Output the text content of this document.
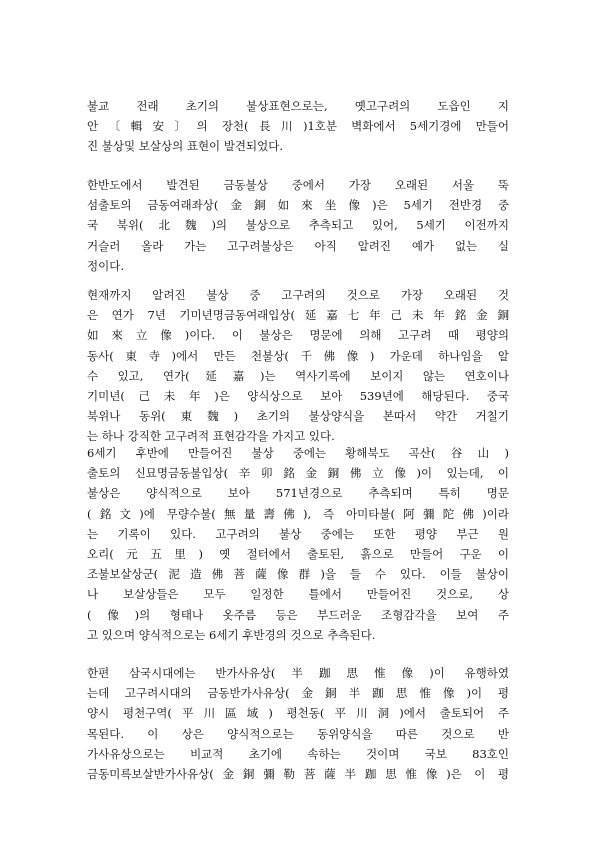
불교 전래 초기의 불상표현으로는, 옛고구려의 도읍인 지
안〔輯安〕의 장천(長川)1호분 벽화에서 5세기경에 만들어
진 불상및 보살상의 표현이 발견되었다.
한반도에서 발견된 금동불상 중에서 가장 오래된 서울 뚝
섬출토의 금동여래좌상(金銅如來坐像)은 5세기 전반경 중
국 북위(北魏)의 불상으로 추측되고 있어, 5세기 이전까지
거슬러 올라 가는 고구려불상은 아직 알려진 예가 없는 실
정이다.
현재까지 알려진 불상 중 고구려의 것으로 가장 오래된 것
은 연가 7년 기미년명금동여래입상(延嘉七年己未年銘金銅
如來立像)이다. 이 불상은 명문에 의해 고구려 때 평양의
동사(東寺)에서 만든 천불상(千佛像) 가운데 하나임을 알
수 있고, 연가(延嘉)는 역사기록에 보이지 않는 연호이나
기미년(己未年)은 양식상으로 보아 539년에 해당된다. 중국
북위나 동위(東魏) 초기의 불상양식을 본따서 약간 거칠기
는 하나 강직한 고구려적 표현감각을 가지고 있다.
6세기 후반에 만들어진 불상 중에는 황해북도 곡산(谷山)
출토의 신묘명금동불입상(辛卯銘金銅佛立像)이 있는데, 이
불상은 양식적으로 보아 571년경으로 추측되며 특히 명문
(銘文)에 무량수불(無量壽佛), 즉 아미타불(阿彌陀佛)이라
는 기록이 있다. 고구려의 불상 중에는 또한 평양 부근 원
오리(元五里) 옛 절터에서 출토된, 흙으로 만들어 구운 이
조불보살상군(泥造佛菩薩像群)을 들 수 있다. 이들 불상이
나 보살상들은 모두 일정한 틀에서 만들어진 것으로, 상
(像)의 형태나 옷주름 등은 부드러운 조형감각을 보여 주
고 있으며 양식적으로는 6세기 후반경의 것으로 추측된다.
한편 삼국시대에는 반가사유상(半跏思惟像)이 유행하였
는데 고구려시대의 금동반가사유상(金銅半跏思惟像)이 평
양시 평천구역(平川區域) 평천동(平川洞)에서 출토되어 주
목된다. 이 상은 양식적으로는 동위양식을 따른 것으로 반
가사유상으로는 비교적 초기에 속하는 것이며 국보 83호인
금동미륵보살반가사유상(金銅彌勒菩薩半跏思惟像)은 이 평
